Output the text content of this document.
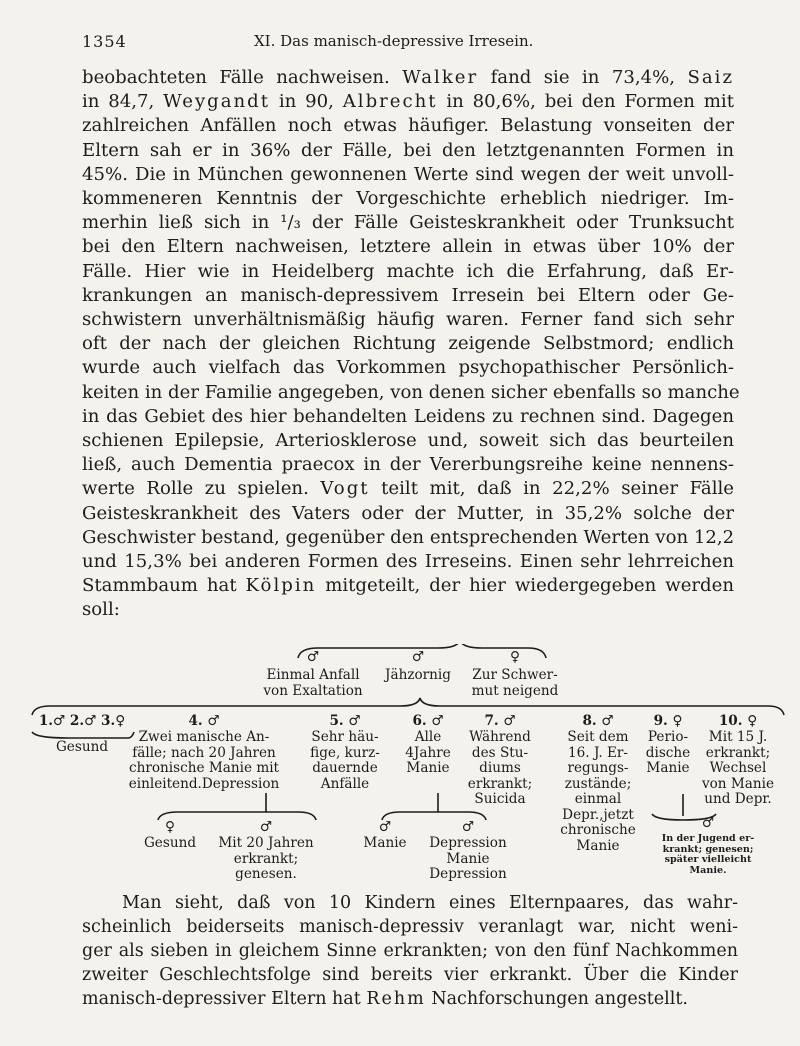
1354	XI. Das manisch-depressive Irresein.
beobachteten Fälle nachweisen. Walker fand sie in 73,4%, Saiz
in 84,7, Weygandt in 90, Albrecht in 80,6%, bei den Formen mit
zahlreichen Anfällen noch etwas häufiger. Belastung vonseiten der
Eltern sah er in 36% der Fälle, bei den letztgenannten Formen in
45%. Die in München gewonnenen Werte sind wegen der weit unvoll-
kommeneren Kenntnis der Vorgeschichte erheblich niedriger. Im-
merhin ließ sich in ¹/₃ der Fälle Geisteskrankheit oder Trunksucht
bei den Eltern nachweisen, letztere allein in etwas über 10% der
Fälle. Hier wie in Heidelberg machte ich die Erfahrung, daß Er-
krankungen an manisch-depressivem Irresein bei Eltern oder Ge-
schwistern unverhältnismäßig häufig waren. Ferner fand sich sehr
oft der nach der gleichen Richtung zeigende Selbstmord; endlich
wurde auch vielfach das Vorkommen psychopathischer Persönlich-
keiten in der Familie angegeben, von denen sicher ebenfalls so manche
in das Gebiet des hier behandelten Leidens zu rechnen sind. Dagegen
schienen Epilepsie, Arteriosklerose und, soweit sich das beurteilen
ließ, auch Dementia praecox in der Vererbungsreihe keine nennens-
werte Rolle zu spielen. Vogt teilt mit, daß in 22,2% seiner Fälle
Geisteskrankheit des Vaters oder der Mutter, in 35,2% solche der
Geschwister bestand, gegenüber den entsprechenden Werten von 12,2
und 15,3% bei anderen Formen des Irreseins. Einen sehr lehrreichen
Stammbaum hat Kölpin mitgeteilt, der hier wiedergegeben werden
soll:
♂
Einmal Anfall
von Exaltation
♂
Jähzornig
♀
Zur Schwer-
mut neigend
1.♂ 2.♂ 3.♀
Gesund
4. ♂
Zwei manische An-
fälle; nach 20 Jahren
chronische Manie mit
einleitend.Depression
5. ♂
Sehr häu-
fige, kurz-
dauernde
Anfälle
6. ♂
Alle
4Jahre
Manie
7. ♂
Während
des Stu-
diums
erkrankt;
Suicida
8. ♂
Seit dem
16. J. Er-
regungs-
zustände;
einmal
Depr.,jetzt
chronische
Manie
9. ♀
Perio-
dische
Manie
10. ♀
Mit 15 J.
erkrankt;
Wechsel
von Manie
und Depr.
♀
Gesund
♂
Mit 20 Jahren
erkrankt;
genesen.
♂
Manie
♂
Depression
Manie
Depression
♂
In der Jugend er-
krankt; genesen;
später vielleicht
Manie.
Man sieht, daß von 10 Kindern eines Elternpaares, das wahr-
scheinlich beiderseits manisch-depressiv veranlagt war, nicht weni-
ger als sieben in gleichem Sinne erkrankten; von den fünf Nachkommen
zweiter Geschlechtsfolge sind bereits vier erkrankt. Über die Kinder
manisch-depressiver Eltern hat Rehm Nachforschungen angestellt.
